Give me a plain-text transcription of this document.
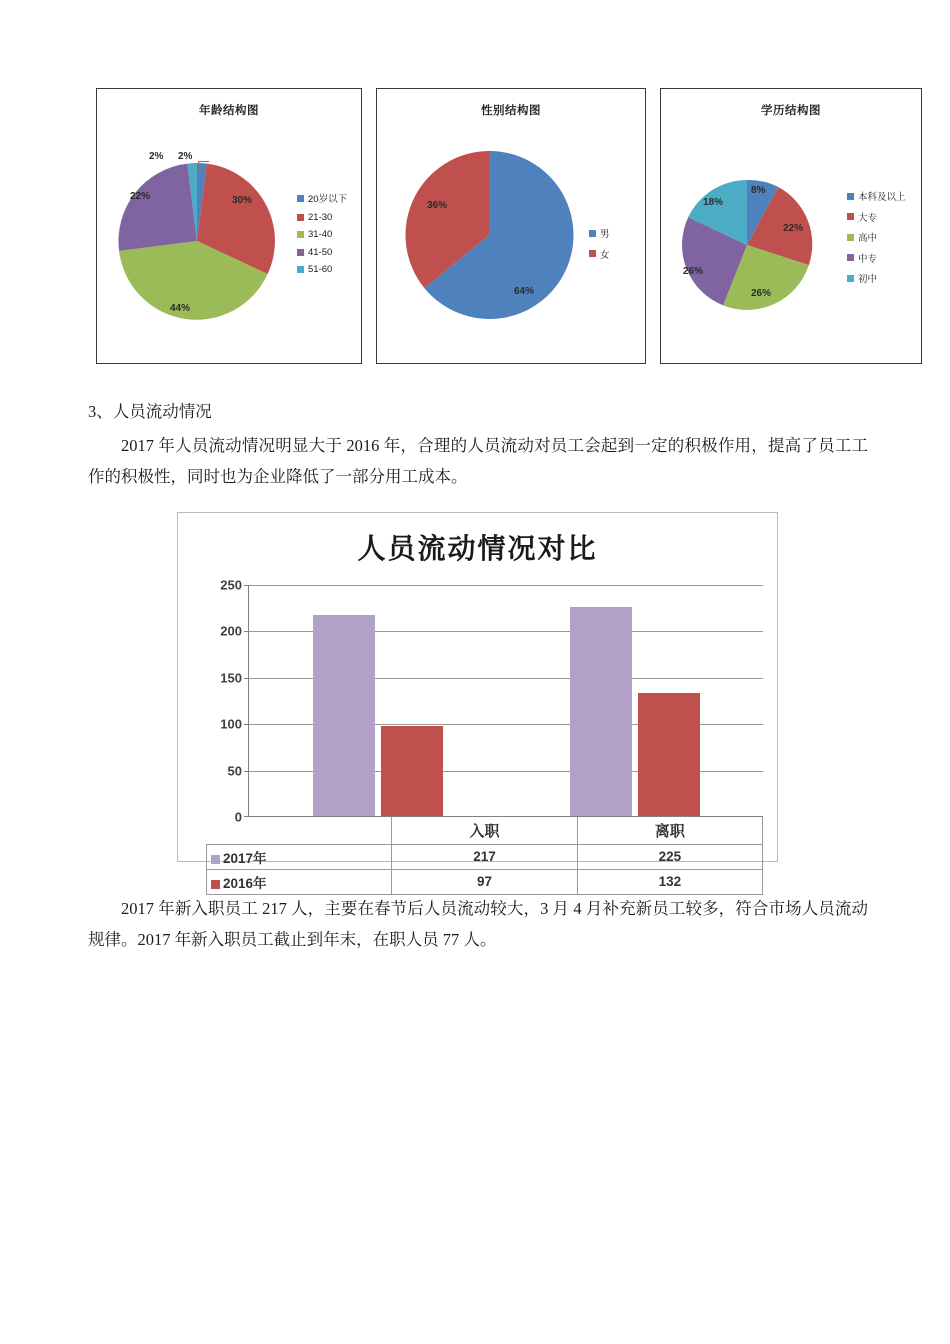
年龄结构图
2%
30%
44%
22%
2%
20岁以下
21-30
31-40
41-50
51-60
性别结构图
36%
64%
男
女
学历结构图
8%
22%
26%
26%
18%	本科及以上
大专
高中
中专
初中
3、人员流动情况
2017 年人员流动情况明显大于 2016 年，合理的人员流动对员工会起到一定的积极作用，提高了员工工作的积极性，同时也为企业降低了一部分用工成本。
人员流动情况对比
250
200
150
100
50
0
	入职	离职
2017年	217	225
2016年	97	132
2017 年新入职员工 217 人，主要在春节后人员流动较大，3 月 4 月补充新员工较多，符合市场人员流动规律。2017 年新入职员工截止到年末，在职人员 77 人。
